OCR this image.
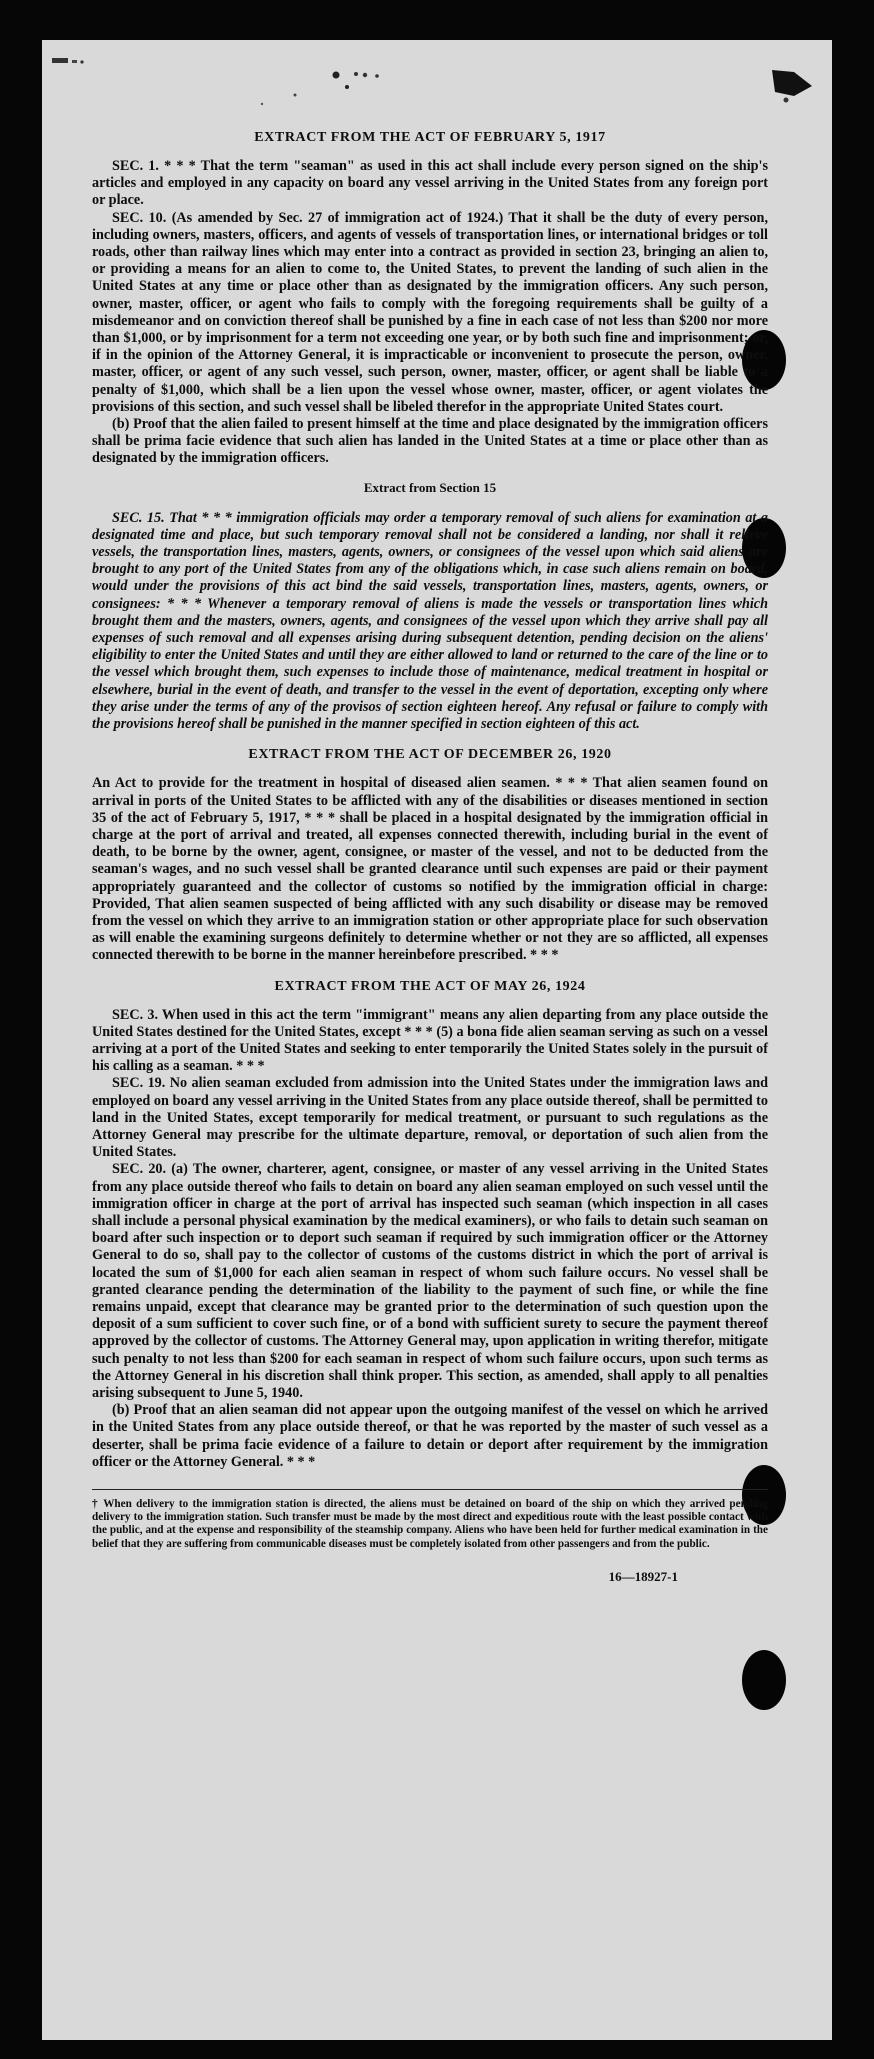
EXTRACT FROM THE ACT OF FEBRUARY 5, 1917

SEC. 1. * * * That the term "seaman" as used in this act shall include every person signed on the ship's articles and employed in any capacity on board any vessel arriving in the United States from any foreign port or place.

SEC. 10. (As amended by Sec. 27 of immigration act of 1924.) That it shall be the duty of every person, including owners, masters, officers, and agents of vessels of transportation lines, or international bridges or toll roads, other than railway lines which may enter into a contract as provided in section 23, bringing an alien to, or providing a means for an alien to come to, the United States, to prevent the landing of such alien in the United States at any time or place other than as designated by the immigration officers. Any such person, owner, master, officer, or agent who fails to comply with the foregoing requirements shall be guilty of a misdemeanor and on conviction thereof shall be punished by a fine in each case of not less than $200 nor more than $1,000, or by imprisonment for a term not exceeding one year, or by both such fine and imprisonment; or, if in the opinion of the Attorney General, it is impracticable or inconvenient to prosecute the person, owner, master, officer, or agent of any such vessel, such person, owner, master, officer, or agent shall be liable to a penalty of $1,000, which shall be a lien upon the vessel whose owner, master, officer, or agent violates the provisions of this section, and such vessel shall be libeled therefor in the appropriate United States court.

(b) Proof that the alien failed to present himself at the time and place designated by the immigration officers shall be prima facie evidence that such alien has landed in the United States at a time or place other than as designated by the immigration officers.

Extract from Section 15

SEC. 15. That * * * immigration officials may order a temporary removal of such aliens for examination at a designated time and place, but such temporary removal shall not be considered a landing, nor shall it relieve vessels, the transportation lines, masters, agents, owners, or consignees of the vessel upon which said aliens are brought to any port of the United States from any of the obligations which, in case such aliens remain on board, would under the provisions of this act bind the said vessels, transportation lines, masters, agents, owners, or consignees: * * * Whenever a temporary removal of aliens is made the vessels or transportation lines which brought them and the masters, owners, agents, and consignees of the vessel upon which they arrive shall pay all expenses of such removal and all expenses arising during subsequent detention, pending decision on the aliens' eligibility to enter the United States and until they are either allowed to land or returned to the care of the line or to the vessel which brought them, such expenses to include those of maintenance, medical treatment in hospital or elsewhere, burial in the event of death, and transfer to the vessel in the event of deportation, excepting only where they arise under the terms of any of the provisos of section eighteen hereof. Any refusal or failure to comply with the provisions hereof shall be punished in the manner specified in section eighteen of this act.

EXTRACT FROM THE ACT OF DECEMBER 26, 1920

An Act to provide for the treatment in hospital of diseased alien seamen. * * * That alien seamen found on arrival in ports of the United States to be afflicted with any of the disabilities or diseases mentioned in section 35 of the act of February 5, 1917, * * * shall be placed in a hospital designated by the immigration official in charge at the port of arrival and treated, all expenses connected therewith, including burial in the event of death, to be borne by the owner, agent, consignee, or master of the vessel, and not to be deducted from the seaman's wages, and no such vessel shall be granted clearance until such expenses are paid or their payment appropriately guaranteed and the collector of customs so notified by the immigration official in charge: Provided, That alien seamen suspected of being afflicted with any such disability or disease may be removed from the vessel on which they arrive to an immigration station or other appropriate place for such observation as will enable the examining surgeons definitely to determine whether or not they are so afflicted, all expenses connected therewith to be borne in the manner hereinbefore prescribed. * * *

EXTRACT FROM THE ACT OF MAY 26, 1924

SEC. 3. When used in this act the term "immigrant" means any alien departing from any place outside the United States destined for the United States, except * * * (5) a bona fide alien seaman serving as such on a vessel arriving at a port of the United States and seeking to enter temporarily the United States solely in the pursuit of his calling as a seaman. * * *

SEC. 19. No alien seaman excluded from admission into the United States under the immigration laws and employed on board any vessel arriving in the United States from any place outside thereof, shall be permitted to land in the United States, except temporarily for medical treatment, or pursuant to such regulations as the Attorney General may prescribe for the ultimate departure, removal, or deportation of such alien from the United States.

SEC. 20. (a) The owner, charterer, agent, consignee, or master of any vessel arriving in the United States from any place outside thereof who fails to detain on board any alien seaman employed on such vessel until the immigration officer in charge at the port of arrival has inspected such seaman (which inspection in all cases shall include a personal physical examination by the medical examiners), or who fails to detain such seaman on board after such inspection or to deport such seaman if required by such immigration officer or the Attorney General to do so, shall pay to the collector of customs of the customs district in which the port of arrival is located the sum of $1,000 for each alien seaman in respect of whom such failure occurs. No vessel shall be granted clearance pending the determination of the liability to the payment of such fine, or while the fine remains unpaid, except that clearance may be granted prior to the determination of such question upon the deposit of a sum sufficient to cover such fine, or of a bond with sufficient surety to secure the payment thereof approved by the collector of customs. The Attorney General may, upon application in writing therefor, mitigate such penalty to not less than $200 for each seaman in respect of whom such failure occurs, upon such terms as the Attorney General in his discretion shall think proper. This section, as amended, shall apply to all penalties arising subsequent to June 5, 1940.

(b) Proof that an alien seaman did not appear upon the outgoing manifest of the vessel on which he arrived in the United States from any place outside thereof, or that he was reported by the master of such vessel as a deserter, shall be prima facie evidence of a failure to detain or deport after requirement by the immigration officer or the Attorney General. * * *

† When delivery to the immigration station is directed, the aliens must be detained on board of the ship on which they arrived pending delivery to the immigration station. Such transfer must be made by the most direct and expeditious route with the least possible contact with the public, and at the expense and responsibility of the steamship company. Aliens who have been held for further medical examination in the belief that they are suffering from communicable diseases must be completely isolated from other passengers and from the public.

16—18927-1
